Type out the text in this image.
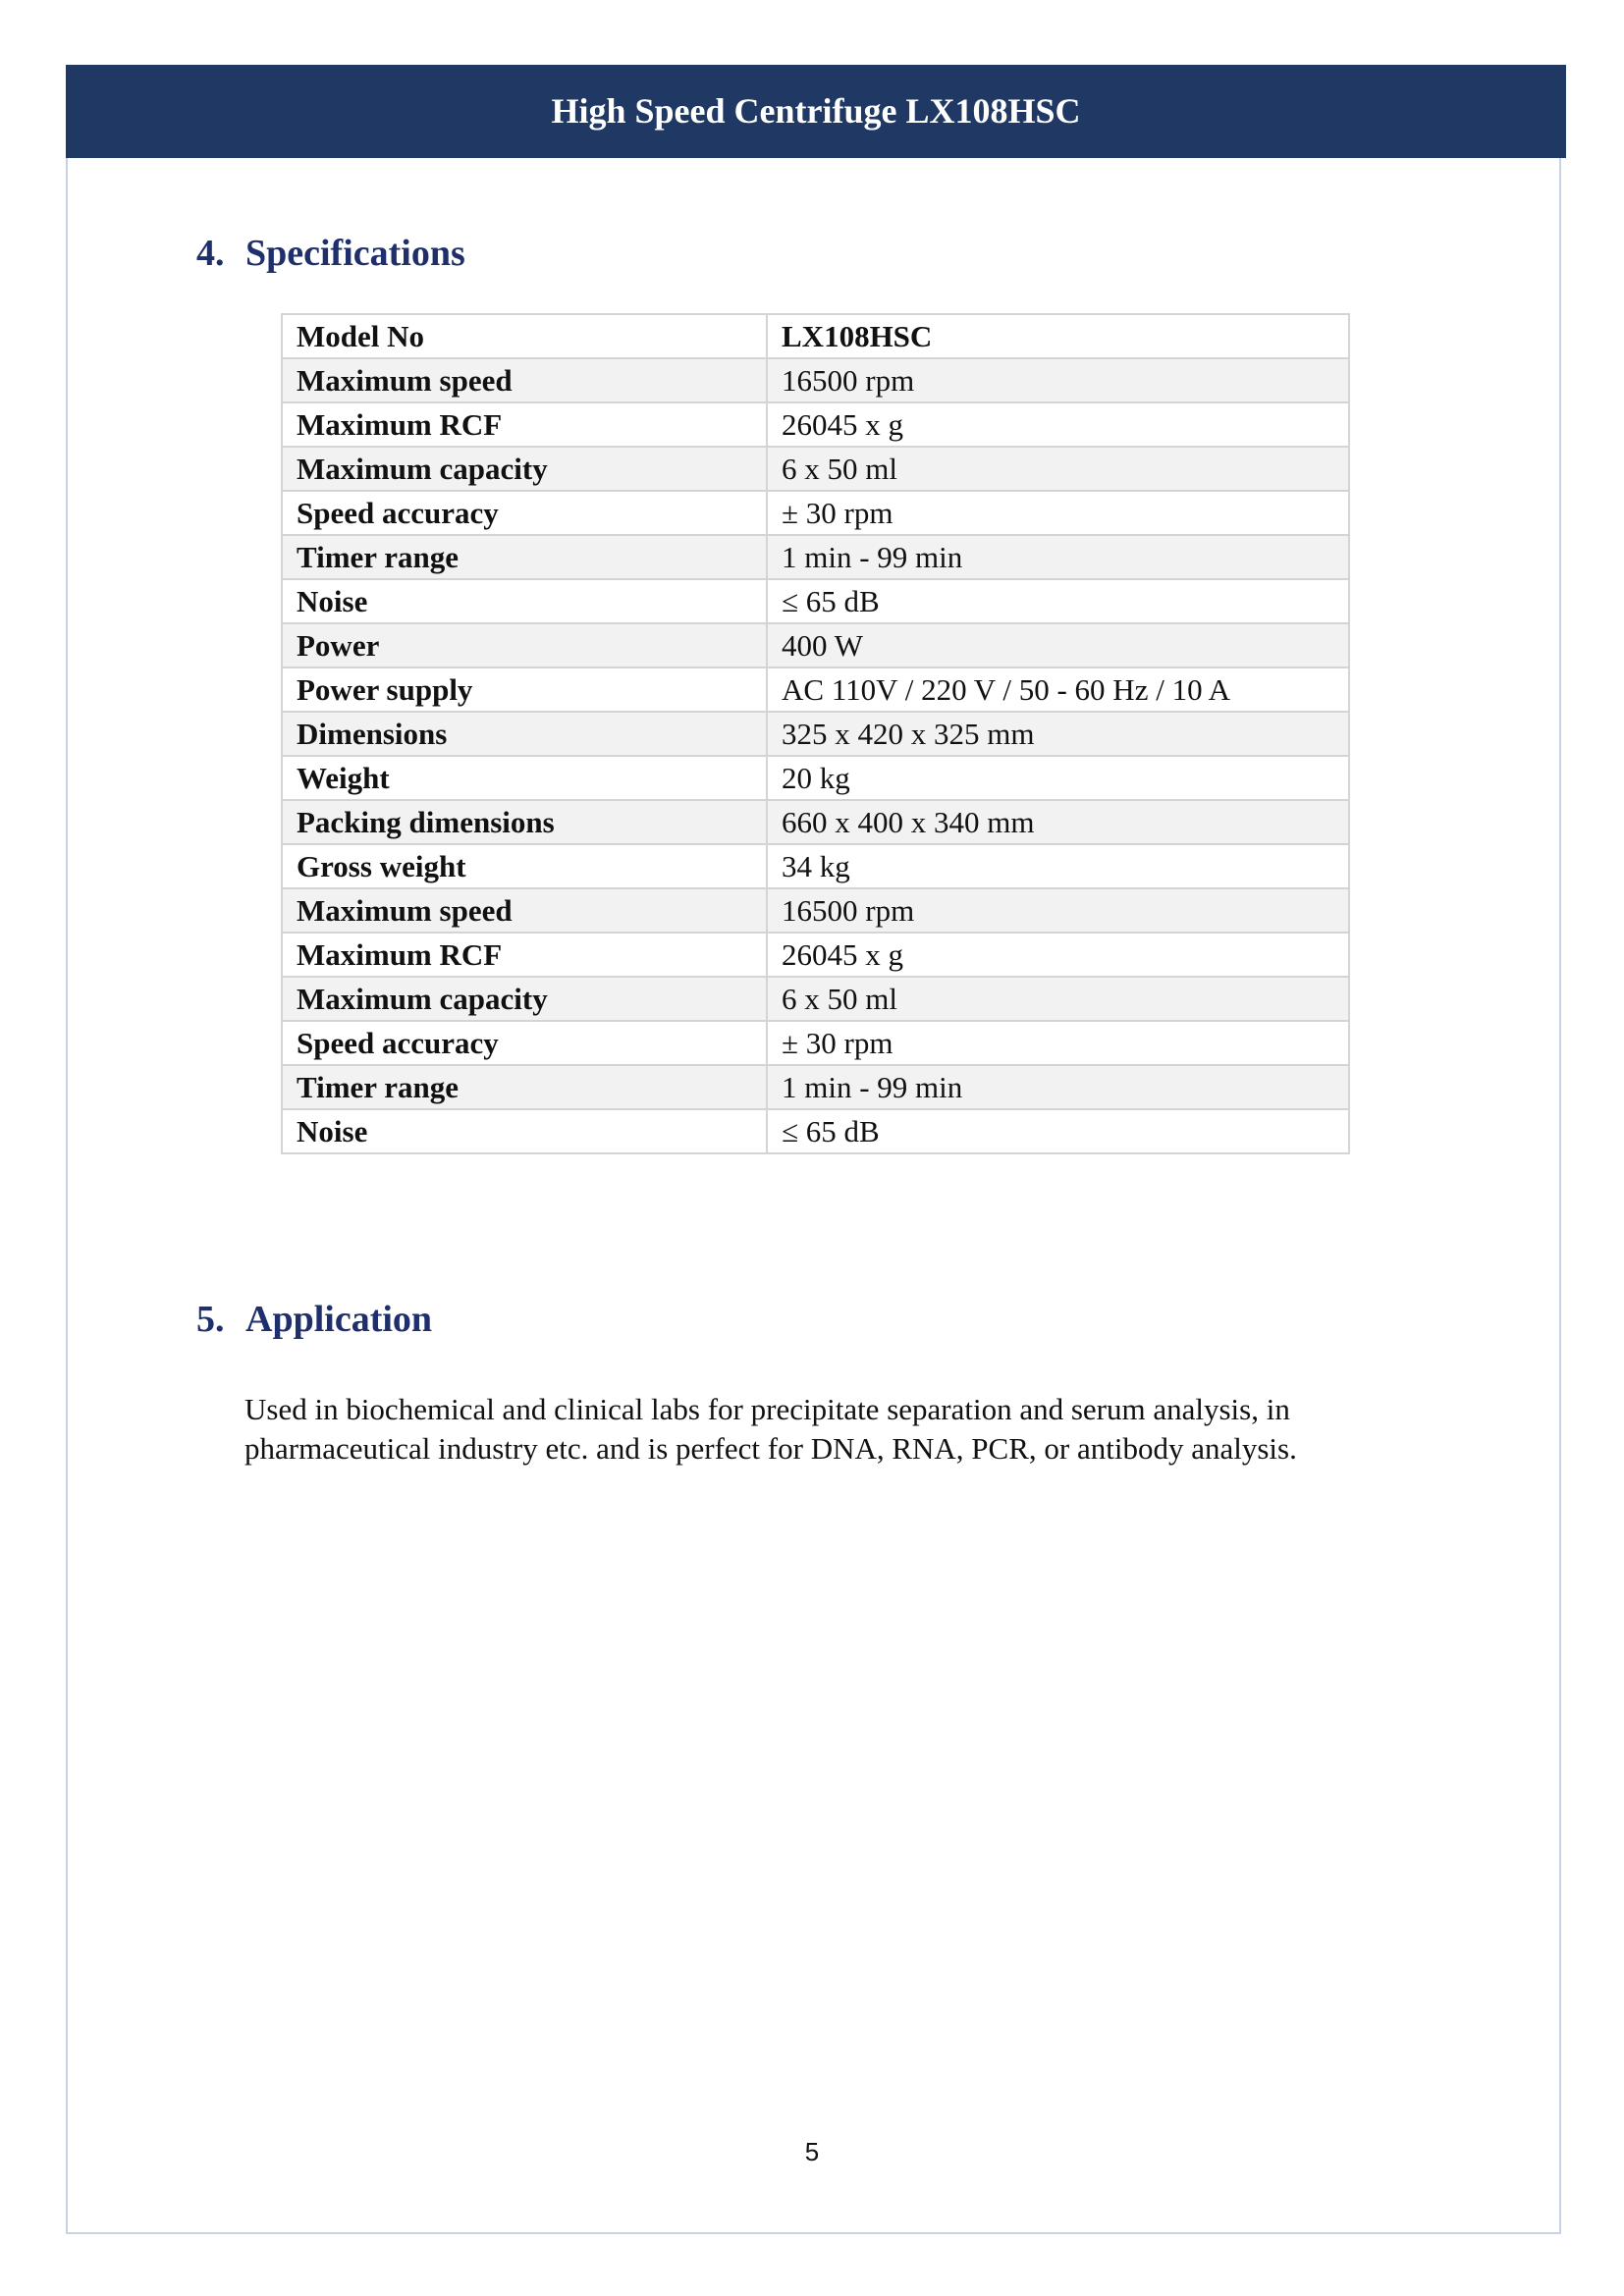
High Speed Centrifuge LX108HSC
4. Specifications
Model No	LX108HSC
Maximum speed	16500 rpm
Maximum RCF	26045 x g
Maximum capacity	6 x 50 ml
Speed accuracy	± 30 rpm
Timer range	1 min - 99 min
Noise	≤ 65 dB
Power	400 W
Power supply	AC 110V / 220 V / 50 - 60 Hz / 10 A
Dimensions	325 x 420 x 325 mm
Weight	20 kg
Packing dimensions	660 x 400 x 340 mm
Gross weight	34 kg
Maximum speed	16500 rpm
Maximum RCF	26045 x g
Maximum capacity	6 x 50 ml
Speed accuracy	± 30 rpm
Timer range	1 min - 99 min
Noise	≤ 65 dB
5. Application
Used in biochemical and clinical labs for precipitate separation and serum analysis, in pharmaceutical industry etc. and is perfect for DNA, RNA, PCR, or antibody analysis.
5
